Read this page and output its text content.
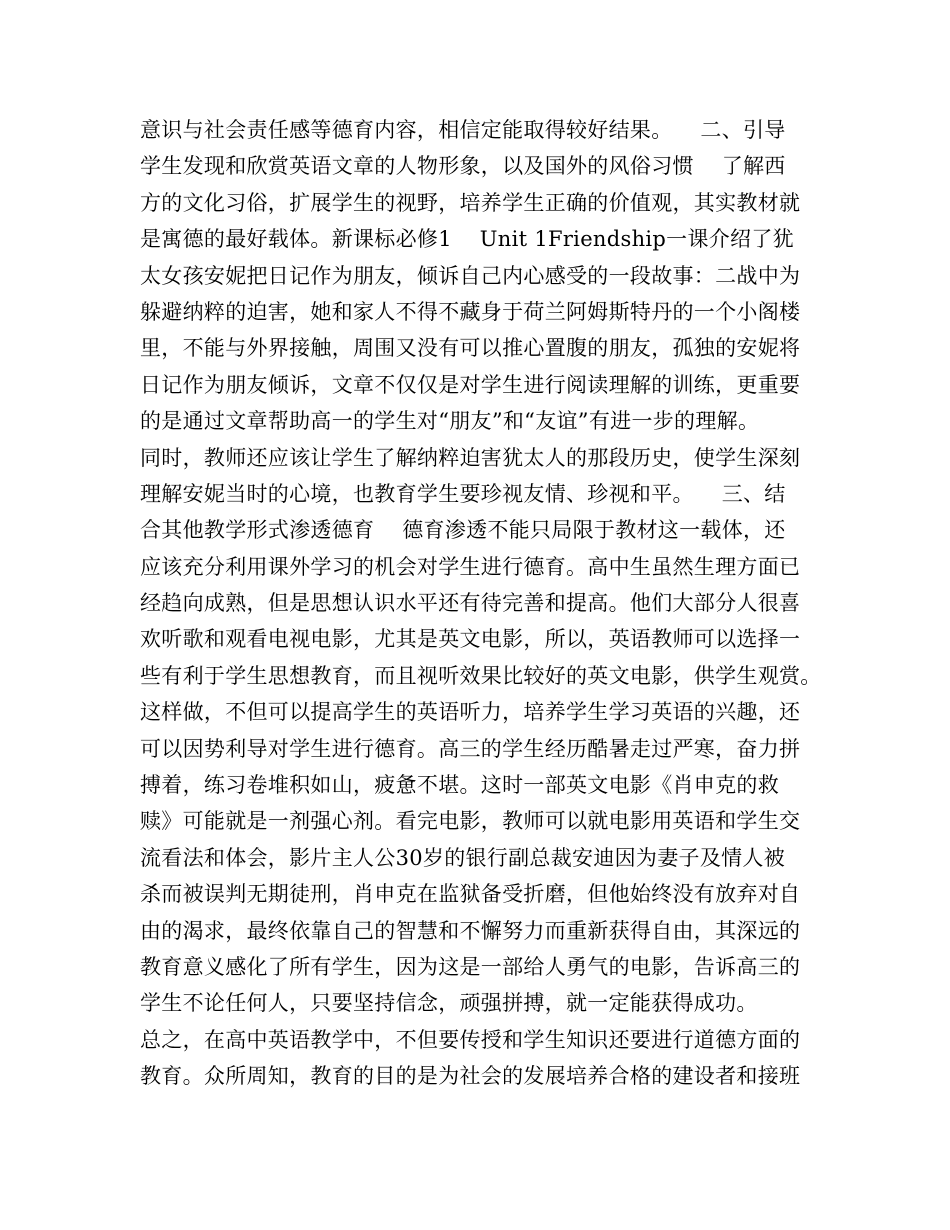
意识与社会责任感等德育内容，相信定能取得较好结果。    二、引导
学生发现和欣赏英语文章的人物形象，以及国外的风俗习惯    了解西
方的文化习俗，扩展学生的视野，培养学生正确的价值观，其实教材就
是寓德的最好载体。新课标必修1    Unit 1Friendship一课介绍了犹
太女孩安妮把日记作为朋友，倾诉自己内心感受的一段故事：二战中为
躲避纳粹的迫害，她和家人不得不藏身于荷兰阿姆斯特丹的一个小阁楼
里，不能与外界接触，周围又没有可以推心置腹的朋友，孤独的安妮将
日记作为朋友倾诉，文章不仅仅是对学生进行阅读理解的训练，更重要
的是通过文章帮助高一的学生对“朋友”和“友谊”有进一步的理解。
同时，教师还应该让学生了解纳粹迫害犹太人的那段历史，使学生深刻
理解安妮当时的心境，也教育学生要珍视友情、珍视和平。    三、结
合其他教学形式渗透德育    德育渗透不能只局限于教材这一载体，还
应该充分利用课外学习的机会对学生进行德育。高中生虽然生理方面已
经趋向成熟，但是思想认识水平还有待完善和提高。他们大部分人很喜
欢听歌和观看电视电影，尤其是英文电影，所以，英语教师可以选择一
些有利于学生思想教育，而且视听效果比较好的英文电影，供学生观赏。
这样做，不但可以提高学生的英语听力，培养学生学习英语的兴趣，还
可以因势利导对学生进行德育。高三的学生经历酷暑走过严寒，奋力拼
搏着，练习卷堆积如山，疲惫不堪。这时一部英文电影《肖申克的救
赎》可能就是一剂强心剂。看完电影，教师可以就电影用英语和学生交
流看法和体会，影片主人公30岁的银行副总裁安迪因为妻子及情人被
杀而被误判无期徒刑，肖申克在监狱备受折磨，但他始终没有放弃对自
由的渴求，最终依靠自己的智慧和不懈努力而重新获得自由，其深远的
教育意义感化了所有学生，因为这是一部给人勇气的电影，告诉高三的
学生不论任何人，只要坚持信念，顽强拼搏，就一定能获得成功。
总之，在高中英语教学中，不但要传授和学生知识还要进行道德方面的
教育。众所周知，教育的目的是为社会的发展培养合格的建设者和接班
